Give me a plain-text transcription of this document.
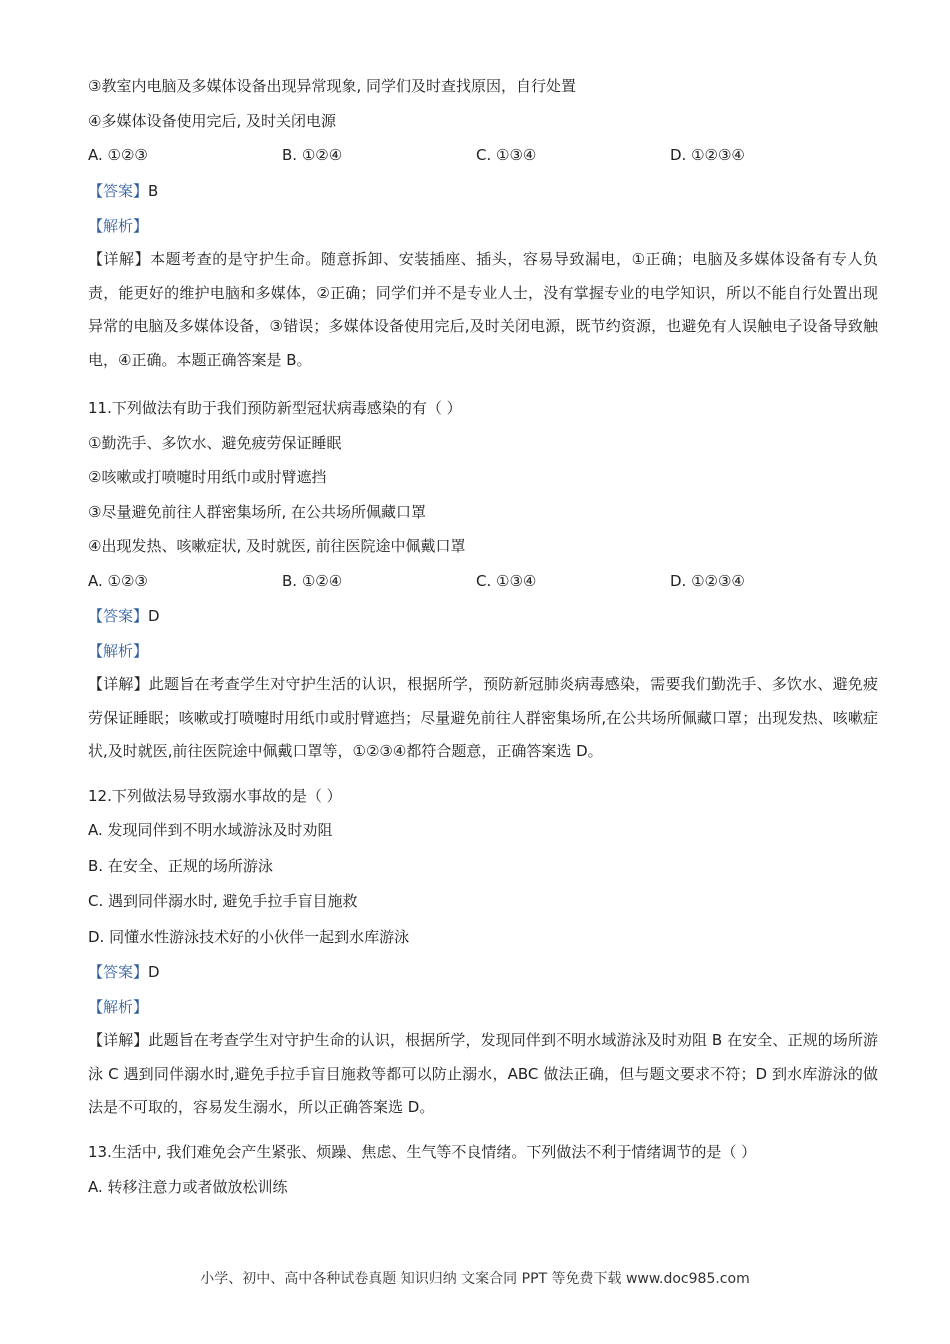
③教室内电脑及多媒体设备出现异常现象, 同学们及时查找原因，自行处置
④多媒体设备使用完后, 及时关闭电源
A. ①②③	B. ①②④	C. ①③④	D. ①②③④
【答案】B
【解析】
【详解】本题考查的是守护生命。随意拆卸、安装插座、插头，容易导致漏电，①正确；电脑及多媒体设备有专人负责，能更好的维护电脑和多媒体，②正确；同学们并不是专业人士，没有掌握专业的电学知识，所以不能自行处置出现异常的电脑及多媒体设备，③错误；多媒体设备使用完后,及时关闭电源，既节约资源，也避免有人误触电子设备导致触电，④正确。本题正确答案是 B。
11.下列做法有助于我们预防新型冠状病毒感染的有（ ）
①勤洗手、多饮水、避免疲劳保证睡眠
②咳嗽或打喷嚏时用纸巾或肘臂遮挡
③尽量避免前往人群密集场所, 在公共场所佩藏口罩
④出现发热、咳嗽症状, 及时就医, 前往医院途中佩戴口罩
A. ①②③	B. ①②④	C. ①③④	D. ①②③④
【答案】D
【解析】
【详解】此题旨在考查学生对守护生活的认识，根据所学，预防新冠肺炎病毒感染，需要我们勤洗手、多饮水、避免疲劳保证睡眠；咳嗽或打喷嚏时用纸巾或肘臂遮挡；尽量避免前往人群密集场所,在公共场所佩藏口罩；出现发热、咳嗽症状,及时就医,前往医院途中佩戴口罩等，①②③④都符合题意，正确答案选 D。
12.下列做法易导致溺水事故的是（ ）
A. 发现同伴到不明水域游泳及时劝阻
B. 在安全、正规的场所游泳
C. 遇到同伴溺水时, 避免手拉手盲目施救
D. 同懂水性游泳技术好的小伙伴一起到水库游泳
【答案】D
【解析】
【详解】此题旨在考查学生对守护生命的认识，根据所学，发现同伴到不明水域游泳及时劝阻 B 在安全、正规的场所游泳 C 遇到同伴溺水时,避免手拉手盲目施救等都可以防止溺水，ABC 做法正确，但与题文要求不符；D 到水库游泳的做法是不可取的，容易发生溺水，所以正确答案选 D。
13.生活中, 我们难免会产生紧张、烦躁、焦虑、生气等不良情绪。下列做法不利于情绪调节的是（ ）
A. 转移注意力或者做放松训练
小学、初中、高中各种试卷真题 知识归纳 文案合同 PPT 等免费下载 www.doc985.com
